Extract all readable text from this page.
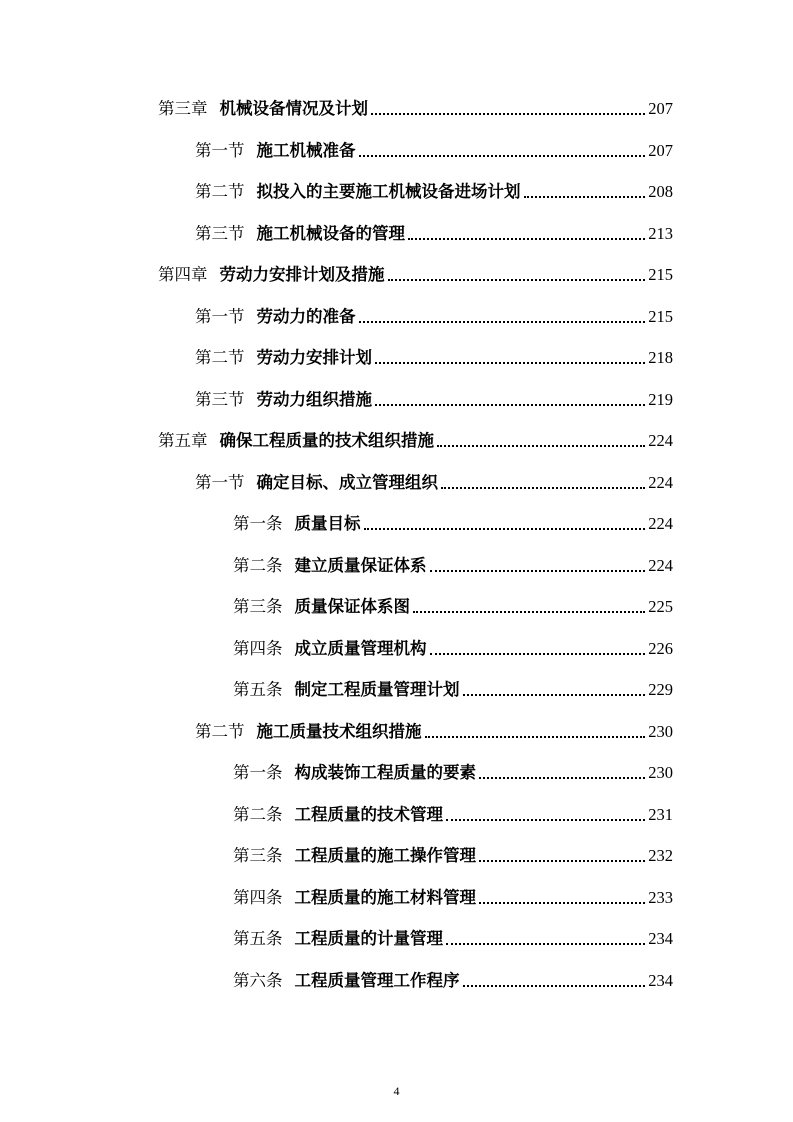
第三章 机械设备情况及计划	207
第一节 施工机械准备	207
第二节 拟投入的主要施工机械设备进场计划	208
第三节 施工机械设备的管理	213
第四章 劳动力安排计划及措施	215
第一节 劳动力的准备	215
第二节 劳动力安排计划	218
第三节 劳动力组织措施	219
第五章 确保工程质量的技术组织措施	224
第一节 确定目标、成立管理组织	224
第一条 质量目标	224
第二条 建立质量保证体系	224
第三条 质量保证体系图	225
第四条 成立质量管理机构	226
第五条 制定工程质量管理计划	229
第二节 施工质量技术组织措施	230
第一条 构成装饰工程质量的要素	230
第二条 工程质量的技术管理	231
第三条 工程质量的施工操作管理	232
第四条 工程质量的施工材料管理	233
第五条 工程质量的计量管理	234
第六条 工程质量管理工作程序	234
4
